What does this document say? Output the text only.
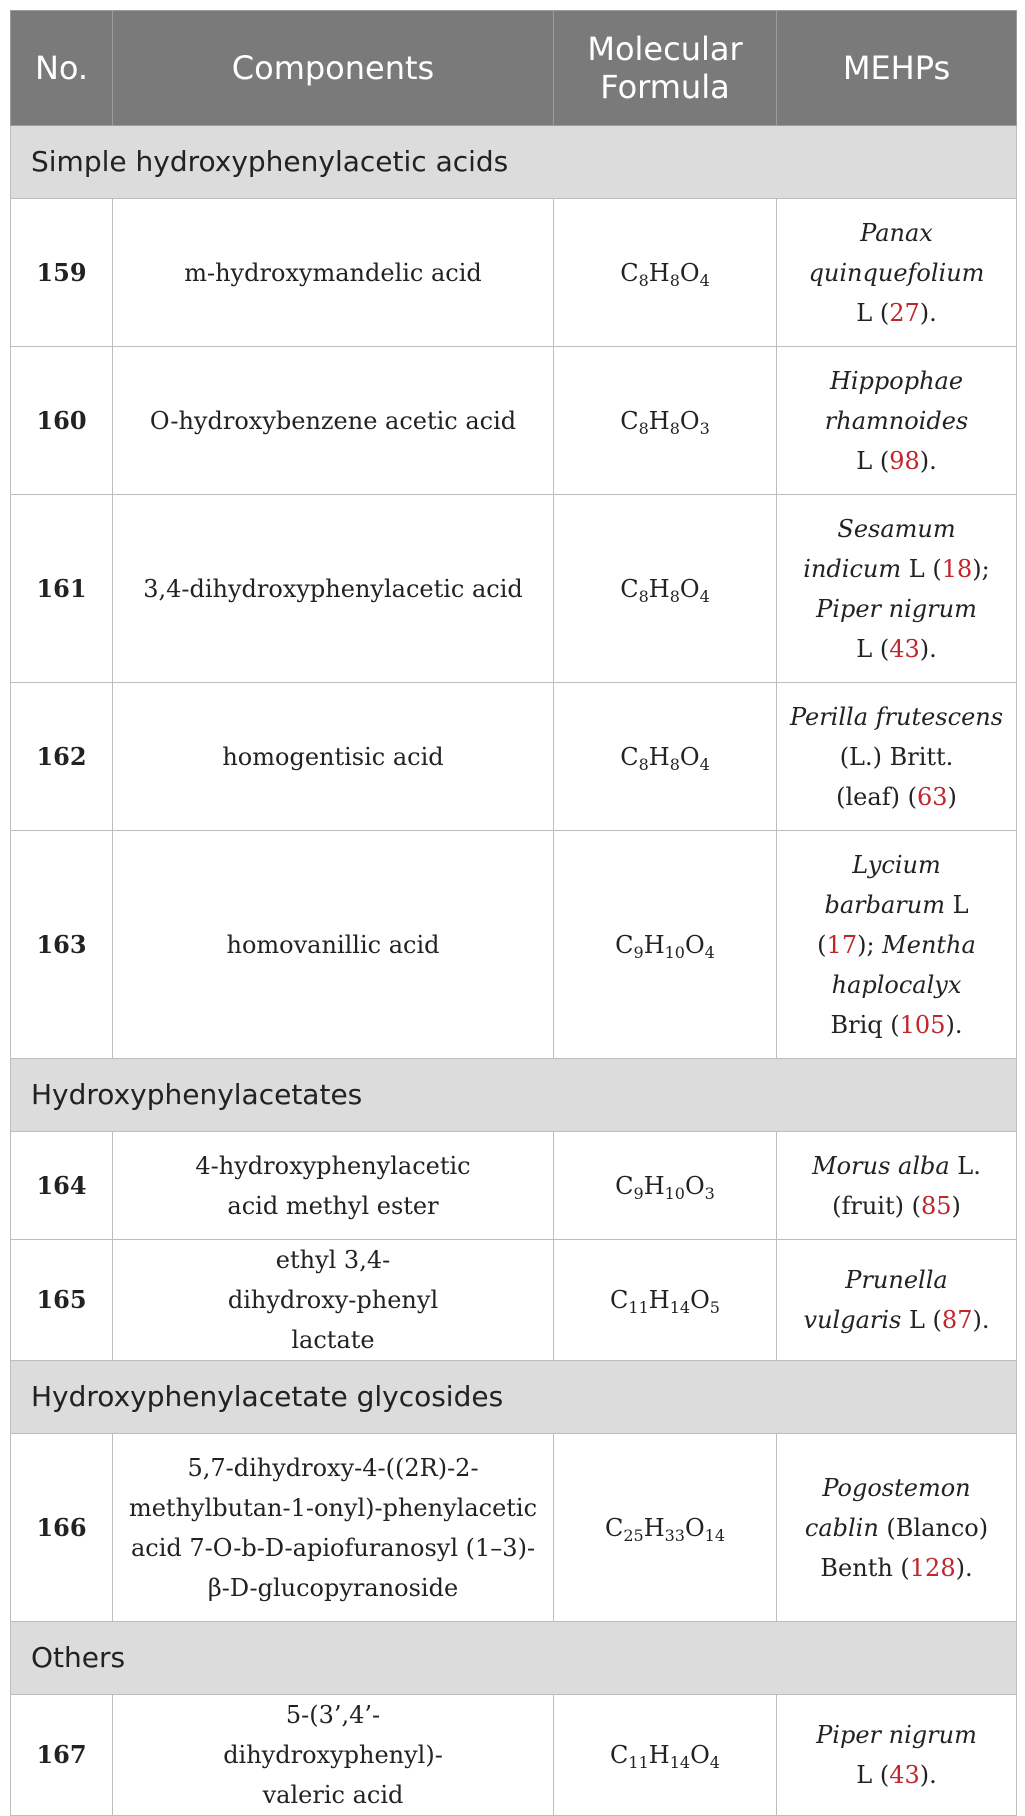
No.	Components	Molecular Formula	MEHPs
Simple hydroxyphenylacetic acids			
159	m-hydroxymandelic acid	$C_8H_8O_4$	Panax
quinquefolium
L (27).
160	O-hydroxybenzene acetic acid	$C_8H_8O_3$	Hippophae
rhamnoides
L (98).
161	3,4-dihydroxyphenylacetic acid	$C_8H_8O_4$	Sesamum
indicum L (18);
Piper nigrum
L (43).
162	homogentisic acid	$C_8H_8O_4$	Perilla frutescens
(L.) Britt.
(leaf) (63)
163	homovanillic acid	$C_9H_{10}O_4$	Lycium
barbarum L
(17); Mentha
haplocalyx
Briq (105).
Hydroxyphenylacetates			
164	4-hydroxyphenylacetic acid methyl ester	$C_9H_{10}O_3$	Morus alba L.
(fruit) (85)
165	ethyl 3,4-dihydroxy-phenyl lactate	$C_{11}H_{14}O_5$	Prunella
vulgaris L (87).
Hydroxyphenylacetate glycosides			
166	5,7-dihydroxy-4-((2R)-2-methylbutan-1-onyl)-phenylacetic acid 7-O-b-D-apiofuranosyl (1–3)-β-D-glucopyranoside	$C_{25}H_{33}O_{14}$	Pogostemon
cablin (Blanco)
Benth (128).
Others			
167	5-(3’,4’-dihydroxyphenyl)-valeric acid	$C_{11}H_{14}O_4$	Piper nigrum
L (43).
